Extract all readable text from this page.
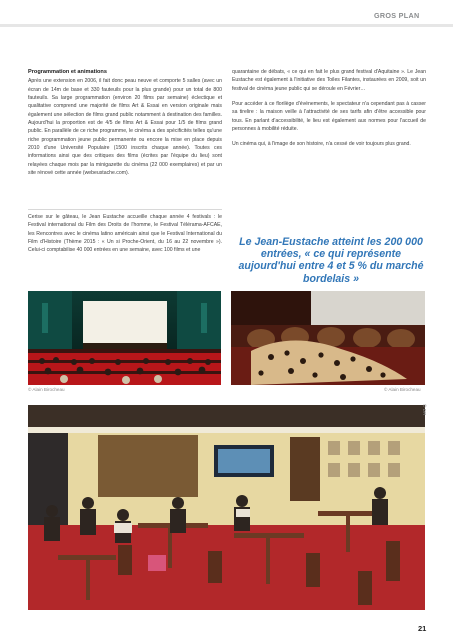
GROS PLAN
Programmation et animations

Après une extension en 2006, il fait donc peau neuve et comporte 5 salles (avec un écran de 14m de base et 330 fauteuils pour la plus grande) pour un total de 800 fauteuils. Sa large programmation (environ 20 films par semaine) éclectique et qualitative comprend une majorité de films Art & Essai en version originale mais également une sélection de films grand public notamment à destination des familles. Aujourd'hui la proportion est de 4/5 de films Art & Essai pour 1/5 de films grand public. En parallèle de ce riche programme, le cinéma a des spécificités telles qu'une riche programmation jeune public permanente ou encore la mise en place depuis 2010 d'une Université Populaire (1500 inscrits chaque année). Toutes ces informations ainsi que des critiques des films (écrites par l'équipe du lieu) sont relayées chaque mois par la minigazette du cinéma (22 000 exemplaires) et par un site rénové cette année (webeustache.com).

Cerise sur le gâteau, le Jean Eustache accueille chaque année 4 festivals : le Festival international du Film des Droits de l'homme, le Festival Télérama-AFCAE, les Rencontres avec le cinéma latino américain ainsi que le Festival International du Film d'Histoire (Thème 2015 : « Un si Proche-Orient, du 16 au 22 novembre »). Celui-ci comptabilise 40 000 entrées en une semaine, avec 100 films et une

quarantaine de débats, « ce qui en fait le plus grand festival d'Aquitaine ». Le Jean Eustache est également à l'initiative des Toiles Filantes, instaurées en 2009, soit un festival de cinéma jeune public qui se déroule en Février…

Pour accéder à ce florilège d'événements, le spectateur n'a cependant pas à casser sa tirelire : la maison veille à l'attractivité de ses tarifs afin d'être accessible pour tous. En parlant d'accessibilité, le lieu est également aux normes pour l'accueil de personnes à mobilité réduite.

Un cinéma qui, à l'image de son histoire, n'a cessé de voir toujours plus grand.

Le Jean-Eustache atteint les 200 000 entrées, « ce qui représente aujourd'hui entre 4 et 5 % du marché bordelais »
© Alain Birocheau	© Alain Birocheau
© DR
21
